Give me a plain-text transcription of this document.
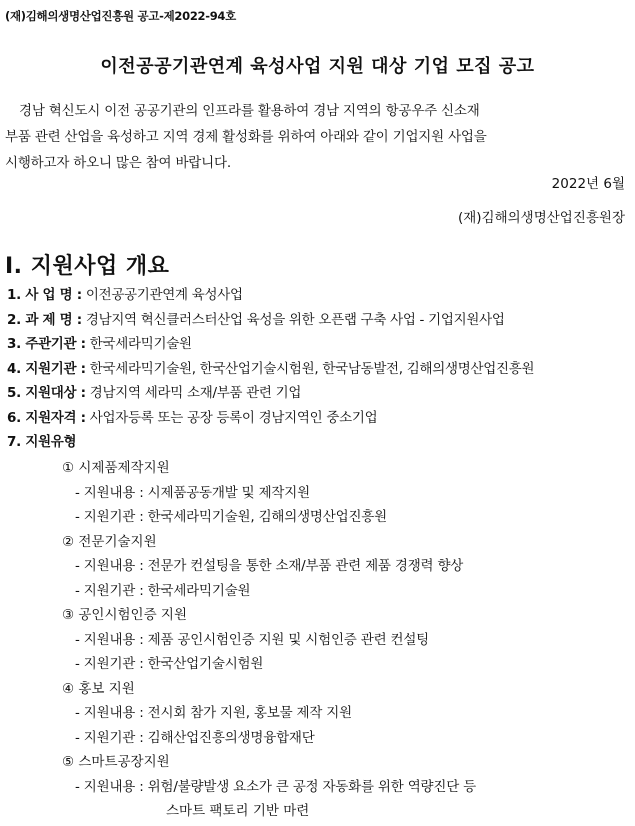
(재)김해의생명산업진흥원 공고-제2022-94호
이전공공기관연계 육성사업 지원 대상 기업 모집 공고

경남 혁신도시 이전 공공기관의 인프라를 활용하여 경남 지역의 항공우주 신소재

부품 관련 산업을 육성하고 지역 경제 활성화를 위하여 아래와 같이 기업지원 사업을

시행하고자 하오니 많은 참여 바랍니다.

2022년 6월
(재)김해의생명산업진흥원장
Ⅰ. 지원사업 개요
1. 사 업 명 : 이전공공기관연계 육성사업
2. 과 제 명 : 경남지역 혁신클러스터산업 육성을 위한 오픈랩 구축 사업 - 기업지원사업
3. 주관기관 : 한국세라믹기술원
4. 지원기관 : 한국세라믹기술원, 한국산업기술시험원, 한국남동발전, 김해의생명산업진흥원
5. 지원대상 : 경남지역 세라믹 소재/부품 관련 기업
6. 지원자격 : 사업자등록 또는 공장 등록이 경남지역인 중소기업
7. 지원유형
① 시제품제작지원
- 지원내용 : 시제품공동개발 및 제작지원
- 지원기관 : 한국세라믹기술원, 김해의생명산업진흥원
② 전문기술지원
- 지원내용 : 전문가 컨설팅을 통한 소재/부품 관련 제품 경쟁력 향상
- 지원기관 : 한국세라믹기술원
③ 공인시험인증 지원
- 지원내용 : 제품 공인시험인증 지원 및 시험인증 관련 컨설팅
- 지원기관 : 한국산업기술시험원
④ 홍보 지원
- 지원내용 : 전시회 참가 지원, 홍보물 제작 지원
- 지원기관 : 김해산업진흥의생명융합재단
⑤ 스마트공장지원
- 지원내용 : 위험/불량발생 요소가 큰 공정 자동화를 위한 역량진단 등
스마트 팩토리 기반 마련
